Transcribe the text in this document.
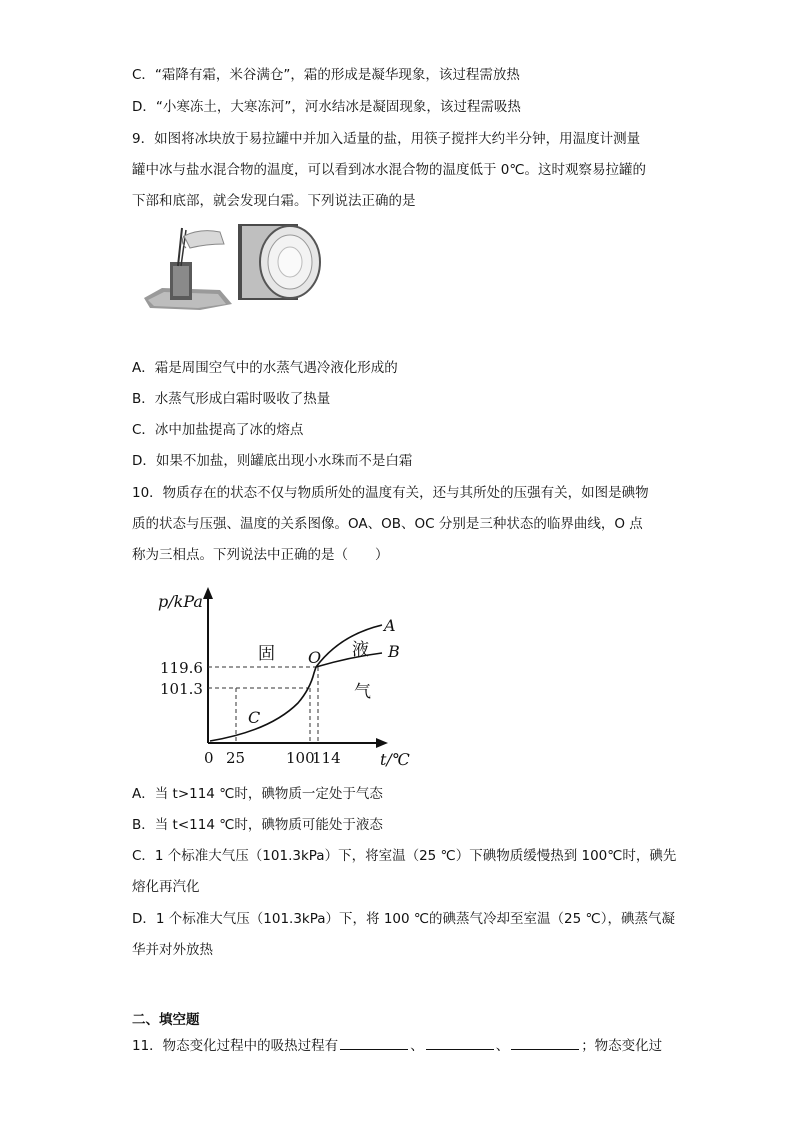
C．“霜降有霜，米谷满仓”，霜的形成是凝华现象，该过程需放热
D．“小寒冻土，大寒冻河”，河水结冰是凝固现象，该过程需吸热
9．如图将冰块放于易拉罐中并加入适量的盐，用筷子搅拌大约半分钟，用温度计测量
罐中冰与盐水混合物的温度，可以看到冰水混合物的温度低于 0℃。这时观察易拉罐的
下部和底部，就会发现白霜。下列说法正确的是
A．霜是周围空气中的水蒸气遇冷液化形成的
B．水蒸气形成白霜时吸收了热量
C．冰中加盐提高了冰的熔点
D．如果不加盐，则罐底出现小水珠而不是白霜
10．物质存在的状态不仅与物质所处的温度有关，还与其所处的压强有关，如图是碘物
质的状态与压强、温度的关系图像。OA、OB、OC 分别是三种状态的临界曲线，O 点
称为三相点。下列说法中正确的是（　　）
p/kPa
t/℃
119.6
101.3
0 25	100
114
固	液
气
O
A
B
C
A．当 t>114 ℃时，碘物质一定处于气态
B．当 t<114 ℃时，碘物质可能处于液态
C．1 个标准大气压（101.3kPa）下，将室温（25 ℃）下碘物质缓慢热到 100℃时，碘先
熔化再汽化
D．1 个标准大气压（101.3kPa）下，将 100 ℃的碘蒸气冷却至室温（25 ℃），碘蒸气凝
华并对外放热
二、填空题
11．物态变化过程中的吸热过程有	、	、	；物态变化过
